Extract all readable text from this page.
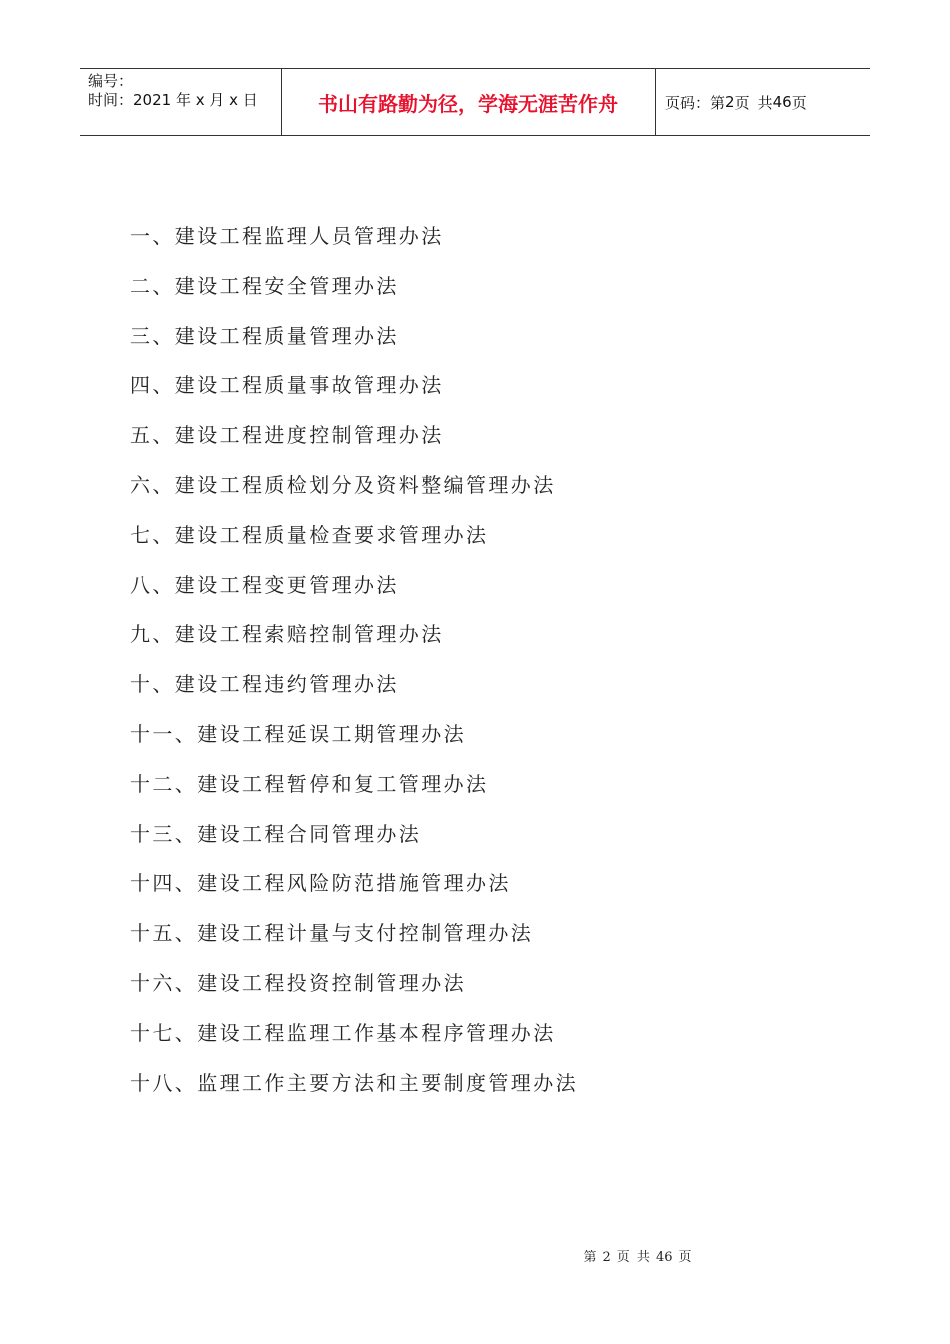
编号：
时间：2021 年 x 月 x 日	书山有路勤为径，学海无涯苦作舟	页码：第 2 页 共 46 页
一、建设工程监理人员管理办法
二、建设工程安全管理办法
三、建设工程质量管理办法
四、建设工程质量事故管理办法
五、建设工程进度控制管理办法
六、建设工程质检划分及资料整编管理办法
七、建设工程质量检查要求管理办法
八、建设工程变更管理办法
九、建设工程索赔控制管理办法
十、建设工程违约管理办法
十一、建设工程延误工期管理办法
十二、建设工程暂停和复工管理办法
十三、建设工程合同管理办法
十四、建设工程风险防范措施管理办法
十五、建设工程计量与支付控制管理办法
十六、建设工程投资控制管理办法
十七、建设工程监理工作基本程序管理办法
十八、监理工作主要方法和主要制度管理办法
第 2 页 共 46 页
